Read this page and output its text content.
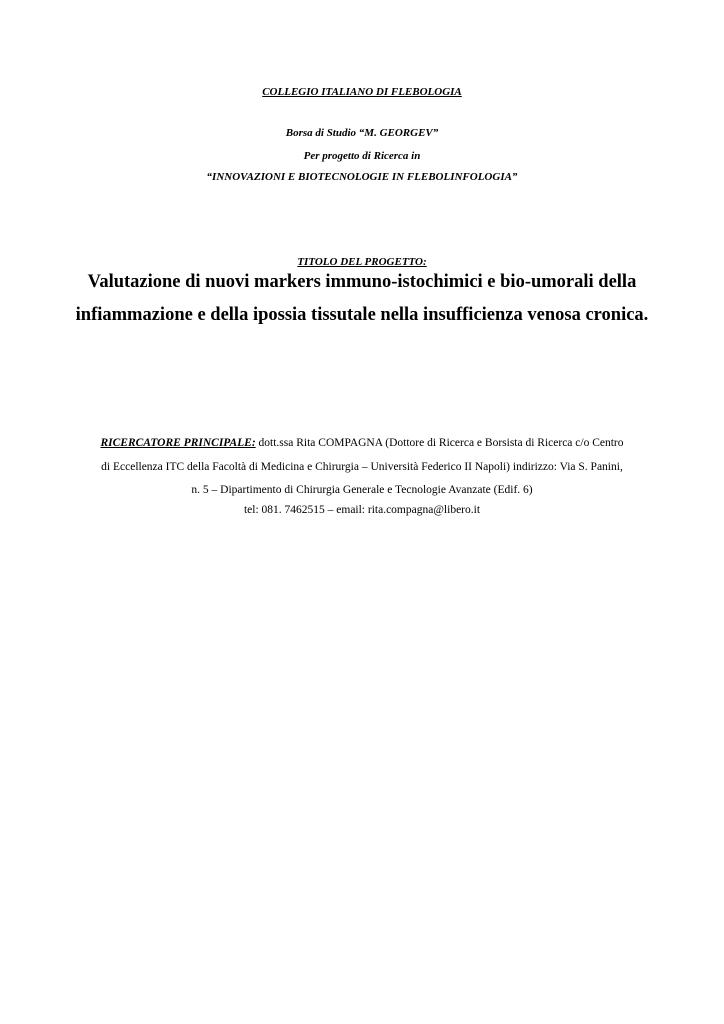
COLLEGIO ITALIANO DI FLEBOLOGIA
Borsa di Studio “M. GEORGEV”
Per progetto di Ricerca in
“INNOVAZIONI E BIOTECNOLOGIE IN FLEBOLINFOLOGIA”
TITOLO DEL PROGETTO:
Valutazione di nuovi markers immuno-istochimici e bio-umorali della
infiammazione e della ipossia tissutale nella insufficienza venosa cronica.
RICERCATORE PRINCIPALE: dott.ssa Rita COMPAGNA (Dottore di Ricerca e Borsista di Ricerca c/o Centro
di Eccellenza ITC della Facoltà di Medicina e Chirurgia – Università Federico II Napoli) indirizzo: Via S. Panini,
n. 5 – Dipartimento di Chirurgia Generale e Tecnologie Avanzate (Edif. 6)
tel: 081. 7462515 – email: rita.compagna@libero.it
